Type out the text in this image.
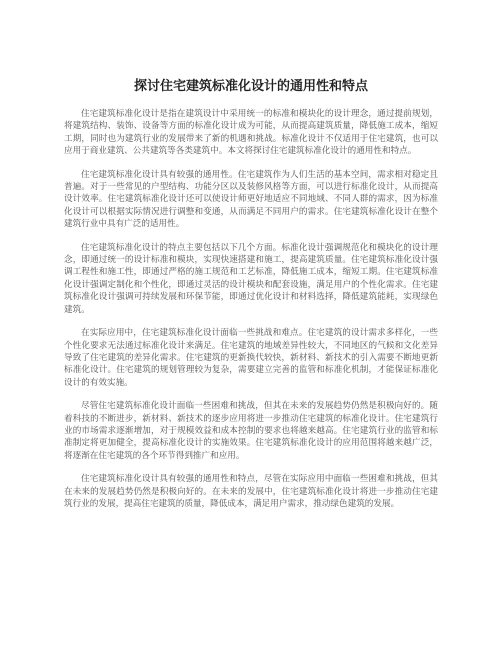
探讨住宅建筑标准化设计的通用性和特点

住宅建筑标准化设计是指在建筑设计中采用统一的标准和模块化的设计理念，通过提前规划，将建筑结构、装饰、设备等方面的标准化设计成为可能，从而提高建筑质量，降低施工成本，缩短工期，同时也为建筑行业的发展带来了新的机遇和挑战。标准化设计不仅适用于住宅建筑，也可以应用于商业建筑、公共建筑等各类建筑中。本文将探讨住宅建筑标准化设计的通用性和特点。

住宅建筑标准化设计具有较强的通用性。住宅建筑作为人们生活的基本空间，需求相对稳定且普遍。对于一些常见的户型结构、功能分区以及装修风格等方面，可以进行标准化设计，从而提高设计效率。住宅建筑标准化设计还可以使设计师更好地适应不同地域、不同人群的需求，因为标准化设计可以根据实际情况进行调整和变通，从而满足不同用户的需求。住宅建筑标准化设计在整个建筑行业中具有广泛的适用性。

住宅建筑标准化设计的特点主要包括以下几个方面。标准化设计强调规范化和模块化的设计理念，即通过统一的设计标准和模块，实现快速搭建和施工，提高建筑质量。住宅建筑标准化设计强调工程性和施工性，即通过严格的施工规范和工艺标准，降低施工成本，缩短工期。住宅建筑标准化设计强调定制化和个性化，即通过灵活的设计模块和配套设施，满足用户的个性化需求。住宅建筑标准化设计强调可持续发展和环保节能，即通过优化设计和材料选择，降低建筑能耗，实现绿色建筑。

在实际应用中，住宅建筑标准化设计面临一些挑战和难点。住宅建筑的设计需求多样化，一些个性化要求无法通过标准化设计来满足。住宅建筑的地域差异性较大，不同地区的气候和文化差异导致了住宅建筑的差异化需求。住宅建筑的更新换代较快，新材料、新技术的引入需要不断地更新标准化设计。住宅建筑的规划管理较为复杂，需要建立完善的监管和标准化机制，才能保证标准化设计的有效实施。

尽管住宅建筑标准化设计面临一些困难和挑战，但其在未来的发展趋势仍然是积极向好的。随着科技的不断进步，新材料、新技术的逐步应用将进一步推动住宅建筑的标准化设计。住宅建筑行业的市场需求逐渐增加，对于规模效益和成本控制的要求也将越来越高。住宅建筑行业的监管和标准制定将更加健全，提高标准化设计的实施效果。住宅建筑标准化设计的应用范围将越来越广泛，将逐渐在住宅建筑的各个环节得到推广和应用。

住宅建筑标准化设计具有较强的通用性和特点，尽管在实际应用中面临一些困难和挑战，但其在未来的发展趋势仍然是积极向好的。在未来的发展中，住宅建筑标准化设计将进一步推动住宅建筑行业的发展，提高住宅建筑的质量，降低成本，满足用户需求，推动绿色建筑的发展。
